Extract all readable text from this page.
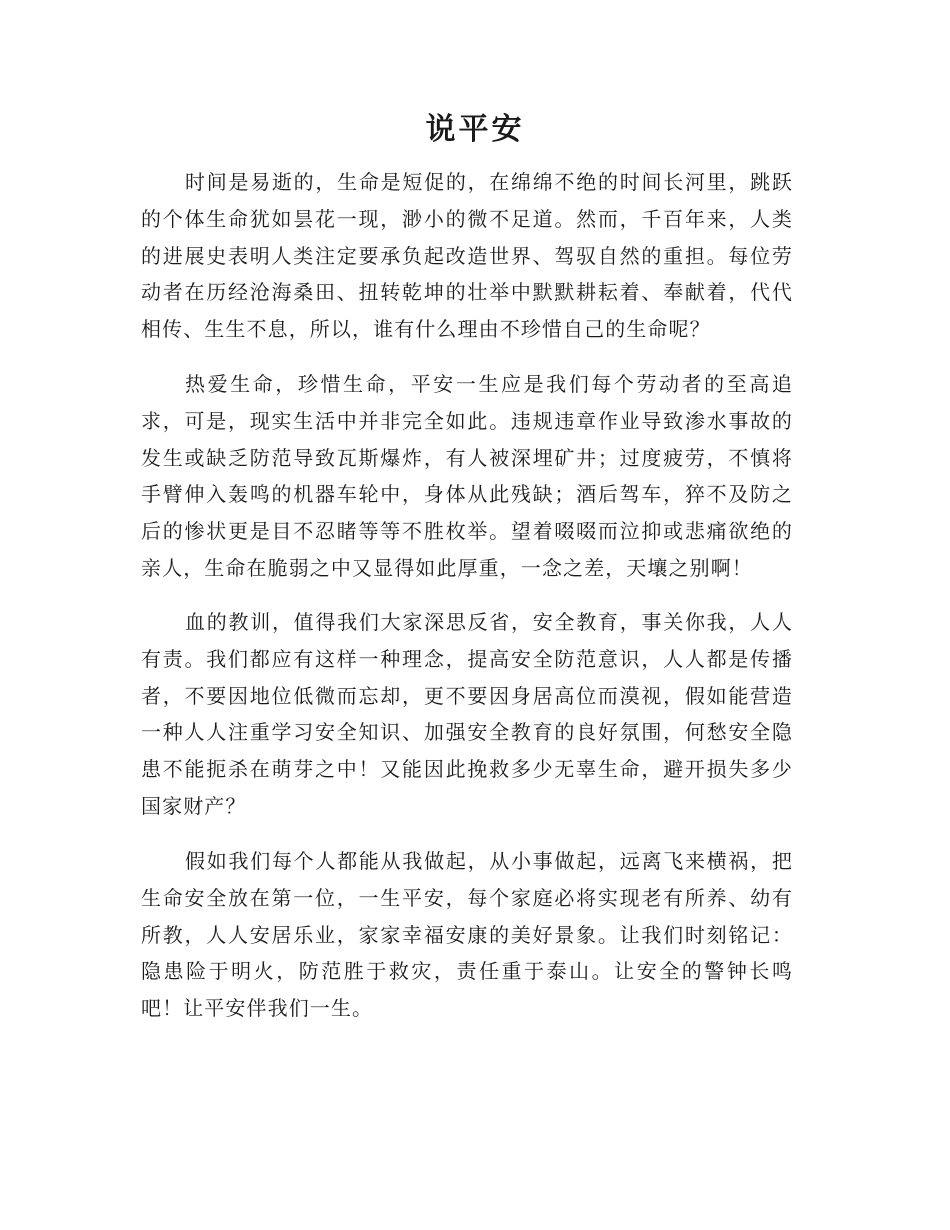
说平安

时间是易逝的，生命是短促的，在绵绵不绝的时间长河里，跳跃的个体生命犹如昙花一现，渺小的微不足道。然而，千百年来，人类的进展史表明人类注定要承负起改造世界、驾驭自然的重担。每位劳动者在历经沧海桑田、扭转乾坤的壮举中默默耕耘着、奉献着，代代相传、生生不息，所以，谁有什么理由不珍惜自己的生命呢？

热爱生命，珍惜生命，平安一生应是我们每个劳动者的至高追求，可是，现实生活中并非完全如此。违规违章作业导致渗水事故的发生或缺乏防范导致瓦斯爆炸，有人被深埋矿井；过度疲劳，不慎将手臂伸入轰鸣的机器车轮中，身体从此残缺；酒后驾车，猝不及防之后的惨状更是目不忍睹等等不胜枚举。望着啜啜而泣抑或悲痛欲绝的亲人，生命在脆弱之中又显得如此厚重，一念之差，天壤之别啊！

血的教训，值得我们大家深思反省，安全教育，事关你我，人人有责。我们都应有这样一种理念，提高安全防范意识，人人都是传播者，不要因地位低微而忘却，更不要因身居高位而漠视，假如能营造一种人人注重学习安全知识、加强安全教育的良好氛围，何愁安全隐患不能扼杀在萌芽之中！又能因此挽救多少无辜生命，避开损失多少国家财产？

假如我们每个人都能从我做起，从小事做起，远离飞来横祸，把生命安全放在第一位，一生平安，每个家庭必将实现老有所养、幼有所教，人人安居乐业，家家幸福安康的美好景象。让我们时刻铭记：隐患险于明火，防范胜于救灾，责任重于泰山。让安全的警钟长鸣吧！让平安伴我们一生。
